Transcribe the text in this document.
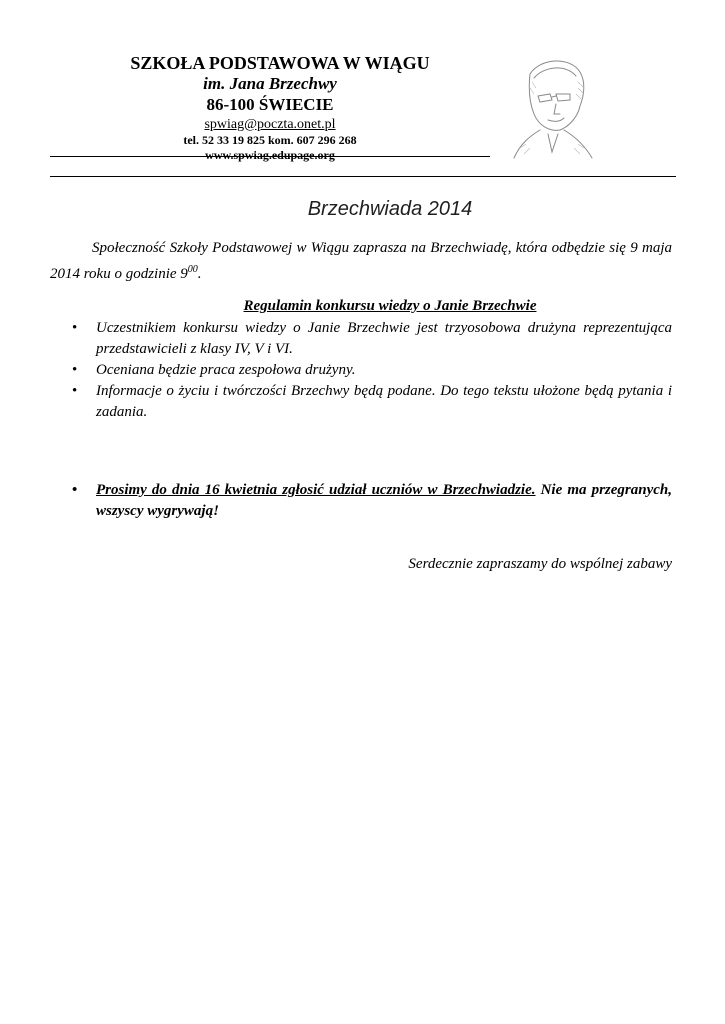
SZKOŁA PODSTAWOWA W WIĄGU
im. Jana Brzechwy
86-100 ŚWIECIE
spwiag@poczta.onet.pl
tel. 52 33 19 825 kom. 607 296 268
www.spwiag.edupage.org
Brzechwiada 2014
Społeczność Szkoły Podstawowej w Wiągu zaprasza na Brzechwiadę, która odbędzie się 9 maja 2014 roku o godzinie $9^{00}$.
Regulamin konkursu wiedzy o Janie Brzechwie
•	Uczestnikiem konkursu wiedzy o Janie Brzechwie jest trzyosobowa drużyna reprezentująca przedstawicieli z klasy IV, V i VI.
•	Oceniana będzie praca zespołowa drużyny.
•	Informacje o życiu i twórczości Brzechwy będą podane. Do tego tekstu ułożone będą pytania i zadania.
•	Prosimy do dnia 16 kwietnia zgłosić udział uczniów w Brzechwiadzie. Nie ma przegranych, wszyscy wygrywają!
Serdecznie zapraszamy do wspólnej zabawy
